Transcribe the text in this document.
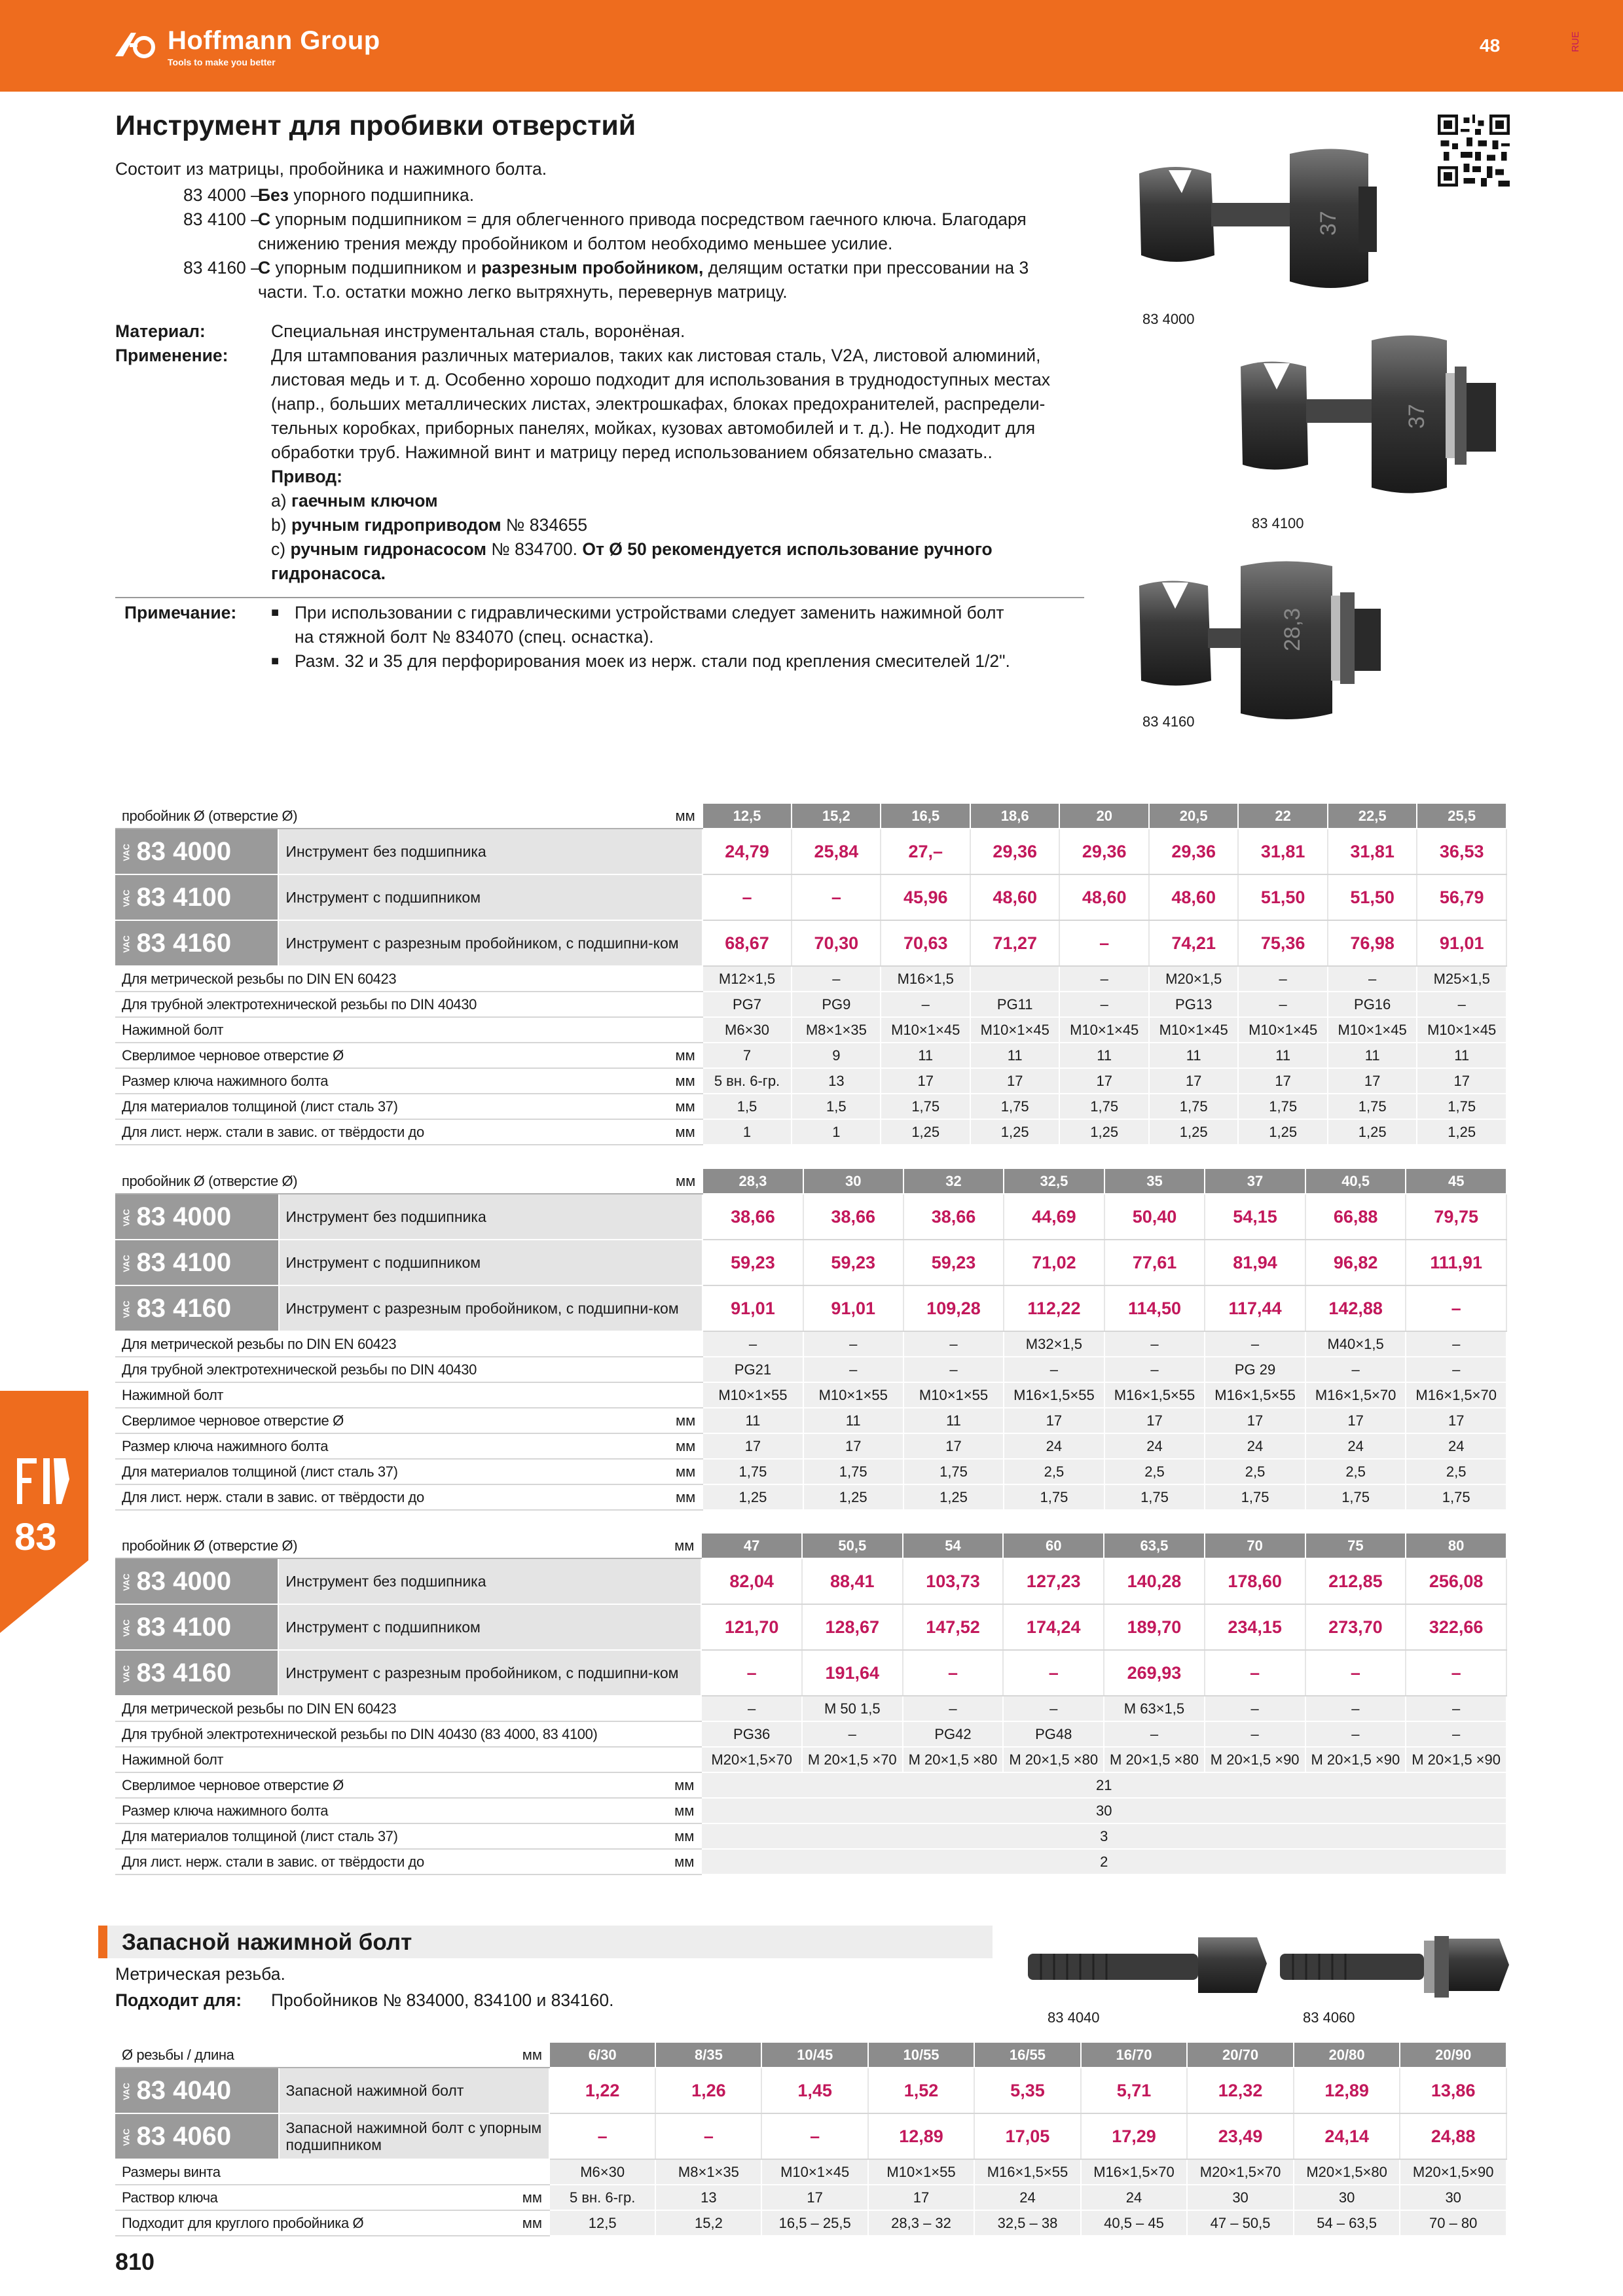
Hoffmann Group
Tools to make you better
48	RUE
Инструмент для пробивки отверстий
Состоит из матрицы, пробойника и нажимного болта.
83 4000 –
Без упорного подшипника.
83 4100 –
С упорным подшипником = для облегченного привода посредством гаечного ключа. Благодаря
снижению трения между пробойником и болтом необходимо меньшее усилие.
83 4160 –
С упорным подшипником и разрезным пробойником, делящим остатки при прессовании на 3
части. Т.о. остатки можно легко вытряхнуть, перевернув матрицу.
Материал:	Специальная инструментальная сталь, воронёная.
Применение: Для штампования различных материалов, таких как листовая сталь, V2A, листовой алюминий,
листовая медь и т. д. Особенно хорошо подходит для использования в труднодоступных местах
(напр., больших металлических листах, электрошкафах, блоках предохранителей, распредели-
тельных коробках, приборных панелях, мойках, кузовах автомобилей и т. д.). Не подходит для
обработки труб. Нажимной винт и матрицу перед использованием обязательно смазать..
Привод:
a) гаечным ключом
b) ручным гидроприводом № 834655
c) ручным гидронасосом № 834700. От Ø 50 рекомендуется использование ручного
гидронасоса.
Примечание:	■ При использовании с гидравлическими устройствами следует заменить нажимной болт
на стяжной болт № 834070 (спец. оснастка).
■ Разм. 32 и 35 для перфорирования моек из нерж. стали под крепления смесителей 1/2".
37
83 4000
37
83 4100
28,3
83 4160
пробойник Ø (отверстие Ø)		мм	12,5	15,2	16,5	18,6	20	20,5	22	22,5	25,5
VAC 83 4000	Инструмент без подшипника		24,79	25,84	27,–	29,36	29,36	29,36	31,81	31,81	36,53
VAC 83 4100	Инструмент с подшипником		–	–	45,96	48,60	48,60	48,60	51,50	51,50	56,79
VAC 83 4160	Инструмент с разрезным пробойником, с подшипни-ком		68,67	70,30	70,63	71,27	–	74,21	75,36	76,98	91,01
Для метрической резьбы по DIN EN 60423			M12×1,5	–	M16×1,5		–	M20×1,5	–	–	M25×1,5
Для трубной электротехнической резьбы по DIN 40430			PG7	PG9	–	PG11	–	PG13	–	PG16	–
Нажимной болт			M6×30	M8×1×35	M10×1×45	M10×1×45	M10×1×45	M10×1×45	M10×1×45	M10×1×45	M10×1×45
Сверлимое черновое отверстие Ø		мм	7	9	11	11	11	11	11	11	11
Размер ключа нажимного болта		мм	5 вн. 6-гр.	13	17	17	17	17	17	17	17
Для материалов толщиной (лист сталь 37)		мм	1,5	1,5	1,75	1,75	1,75	1,75	1,75	1,75	1,75
Для лист. нерж. стали в завис. от твёрдости до		мм	1	1	1,25	1,25	1,25	1,25	1,25	1,25	1,25
пробойник Ø (отверстие Ø)		мм	28,3	30	32	32,5	35	37	40,5	45
VAC 83 4000	Инструмент без подшипника		38,66	38,66	38,66	44,69	50,40	54,15	66,88	79,75
VAC 83 4100	Инструмент с подшипником		59,23	59,23	59,23	71,02	77,61	81,94	96,82	111,91
VAC 83 4160	Инструмент с разрезным пробойником, с подшипни-ком		91,01	91,01	109,28	112,22	114,50	117,44	142,88	–
Для метрической резьбы по DIN EN 60423			–	–	–	M32×1,5	–	–	M40×1,5	–
Для трубной электротехнической резьбы по DIN 40430			PG21	–	–	–	–	PG 29	–	–
Нажимной болт			M10×1×55	M10×1×55	M10×1×55	M16×1,5×55	M16×1,5×55	M16×1,5×55	M16×1,5×70	M16×1,5×70
Сверлимое черновое отверстие Ø		мм	11	11	11	17	17	17	17	17
Размер ключа нажимного болта		мм	17	17	17	24	24	24	24	24
Для материалов толщиной (лист сталь 37)		мм	1,75	1,75	1,75	2,5	2,5	2,5	2,5	2,5
Для лист. нерж. стали в завис. от твёрдости до		мм	1,25	1,25	1,25	1,75	1,75	1,75	1,75	1,75
пробойник Ø (отверстие Ø)		мм	47	50,5	54	60	63,5	70	75	80
VAC 83 4000	Инструмент без подшипника		82,04	88,41	103,73	127,23	140,28	178,60	212,85	256,08
VAC 83 4100	Инструмент с подшипником		121,70	128,67	147,52	174,24	189,70	234,15	273,70	322,66
VAC 83 4160	Инструмент с разрезным пробойником, с подшипни-ком		–	191,64	–	–	269,93	–	–	–
Для метрической резьбы по DIN EN 60423			–	M 50 1,5	–	–	M 63×1,5	–	–	–
Для трубной электротехнической резьбы по DIN 40430 (83 4000, 83 4100)			PG36	–	PG42	PG48	–	–	–	–
Нажимной болт			M20×1,5×70	M 20×1,5 ×70	M 20×1,5 ×80	M 20×1,5 ×80	M 20×1,5 ×80	M 20×1,5 ×90	M 20×1,5 ×90	M 20×1,5 ×90
Сверлимое черновое отверстие Ø		мм	21							
Размер ключа нажимного болта		мм	30							
Для материалов толщиной (лист сталь 37)		мм	3							
Для лист. нерж. стали в завис. от твёрдости до		мм	2							
Запасной нажимной болт
Метрическая резьба.
Подходит для: Пробойников № 834000, 834100 и 834160.
83 4040	83 4060
Ø резьбы / длина		мм	6/30	8/35	10/45	10/55	16/55	16/70	20/70	20/80	20/90
VAC 83 4040	Запасной нажимной болт		1,22	1,26	1,45	1,52	5,35	5,71	12,32	12,89	13,86
VAC 83 4060	Запасной нажимной болт с упорным подшипником		–	–	–	12,89	17,05	17,29	23,49	24,14	24,88
Размеры винта			M6×30	M8×1×35	M10×1×45	M10×1×55	M16×1,5×55	M16×1,5×70	M20×1,5×70	M20×1,5×80	M20×1,5×90
Раствор ключа		мм	5 вн. 6-гр.	13	17	17	24	24	30	30	30
Подходит для круглого пробойника Ø		мм	12,5	15,2	16,5 – 25,5	28,3 – 32	32,5 – 38	40,5 – 45	47 – 50,5	54 – 63,5	70 – 80
83
810
